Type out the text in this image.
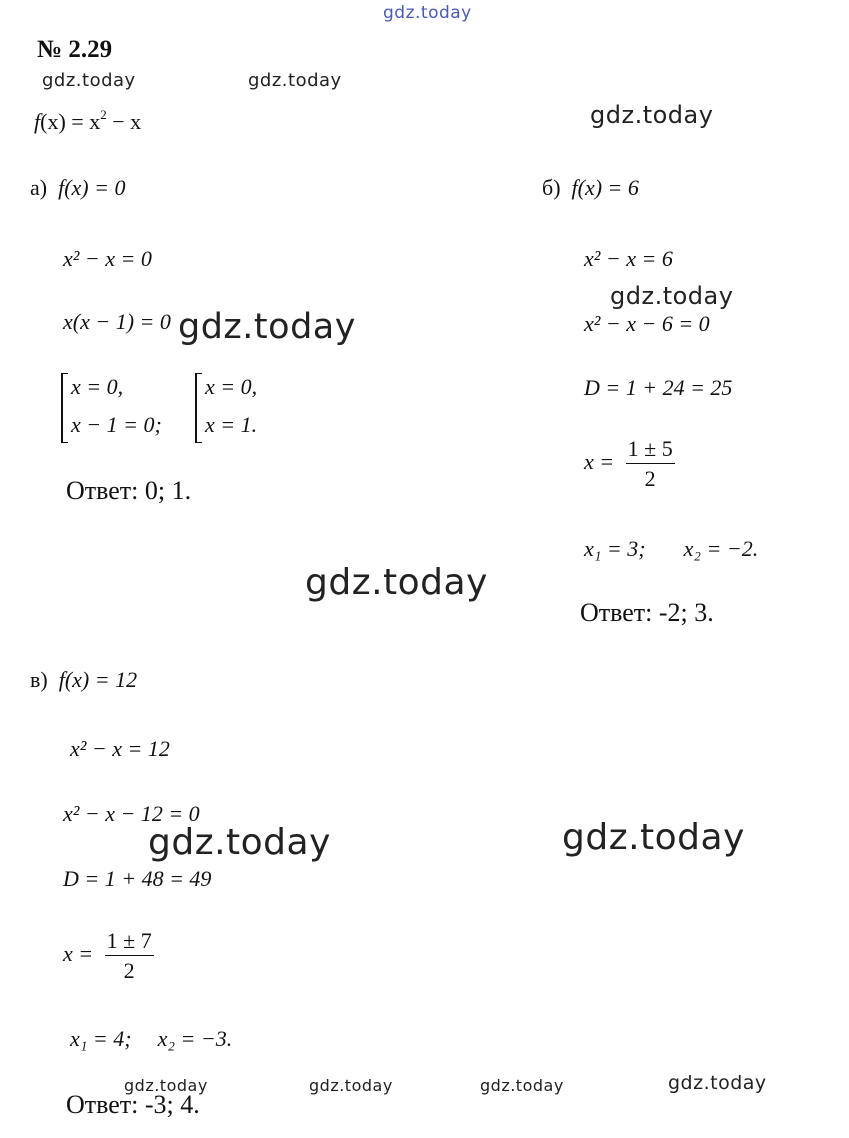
gdz.today
gdz.today	gdz.today
gdz.today
gdz.today
gdz.today
gdz.today
gdz.today	gdz.today
gdz.today	gdz.today	gdz.today	gdz.today
№ 2.29
$f(x) = x^2 - x$
а) f(x) = 0
x² − x = 0
x(x − 1) = 0
x = 0,
x − 1 = 0;
x = 0,
x = 1.
Ответ: 0; 1.
б) f(x) = 6
x² − x = 6
x² − x − 6 = 0
D = 1 + 24 = 25
$x = \frac{1 \pm 5}{2}$
x₁ = 3; x₂ = −2.
Ответ: -2; 3.
в) f(x) = 12
x² − x = 12
x² − x − 12 = 0
D = 1 + 48 = 49
$x = \frac{1 \pm 7}{2}$
x₁ = 4; x₂ = −3.
Ответ: -3; 4.
